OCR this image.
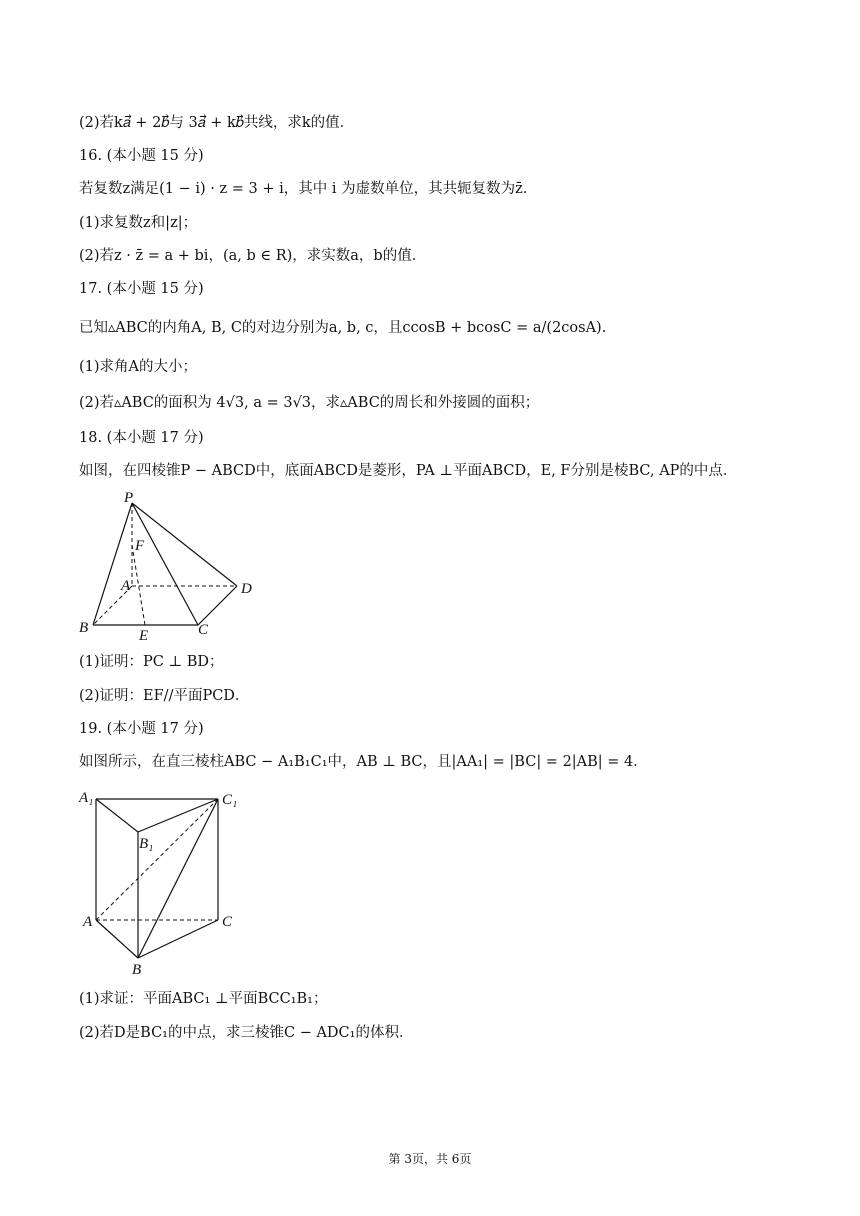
(2)若k𝑎⃗ + 2𝑏⃗与 3𝑎⃗ + k𝑏⃗共线，求k的值．
16. (本小题 15 分)
若复数z满足(1 − i) · z = 3 + i，其中 i 为虚数单位，其共轭复数为z̄.
(1)求复数z和|z|；
(2)若z · z̄ = a + bi，(a, b ∈ R)，求实数a，b的值．
17. (本小题 15 分)
已知▵ABC的内角A, B, C的对边分别为a, b, c，且ccosB + bcosC = a/(2cosA).
(1)求角A的大小；
(2)若▵ABC的面积为 4√3, a = 3√3，求▵ABC的周长和外接圆的面积；
18. (本小题 17 分)
如图，在四棱锥P − ABCD中，底面ABCD是菱形，PA ⊥平面ABCD，E, F分别是棱BC, AP的中点．
P
F
A	D
B	E	C
(1)证明：PC ⊥ BD；
(2)证明：EF//平面PCD．
19. (本小题 17 分)
如图所示，在直三棱柱ABC − A₁B₁C₁中，AB ⊥ BC，且|AA₁| = |BC| = 2|AB| = 4．
A₁	C₁
B₁
A	C
B
(1)求证：平面ABC₁ ⊥平面BCC₁B₁；
(2)若D是BC₁的中点，求三棱锥C − ADC₁的体积．
第 3页，共 6页
